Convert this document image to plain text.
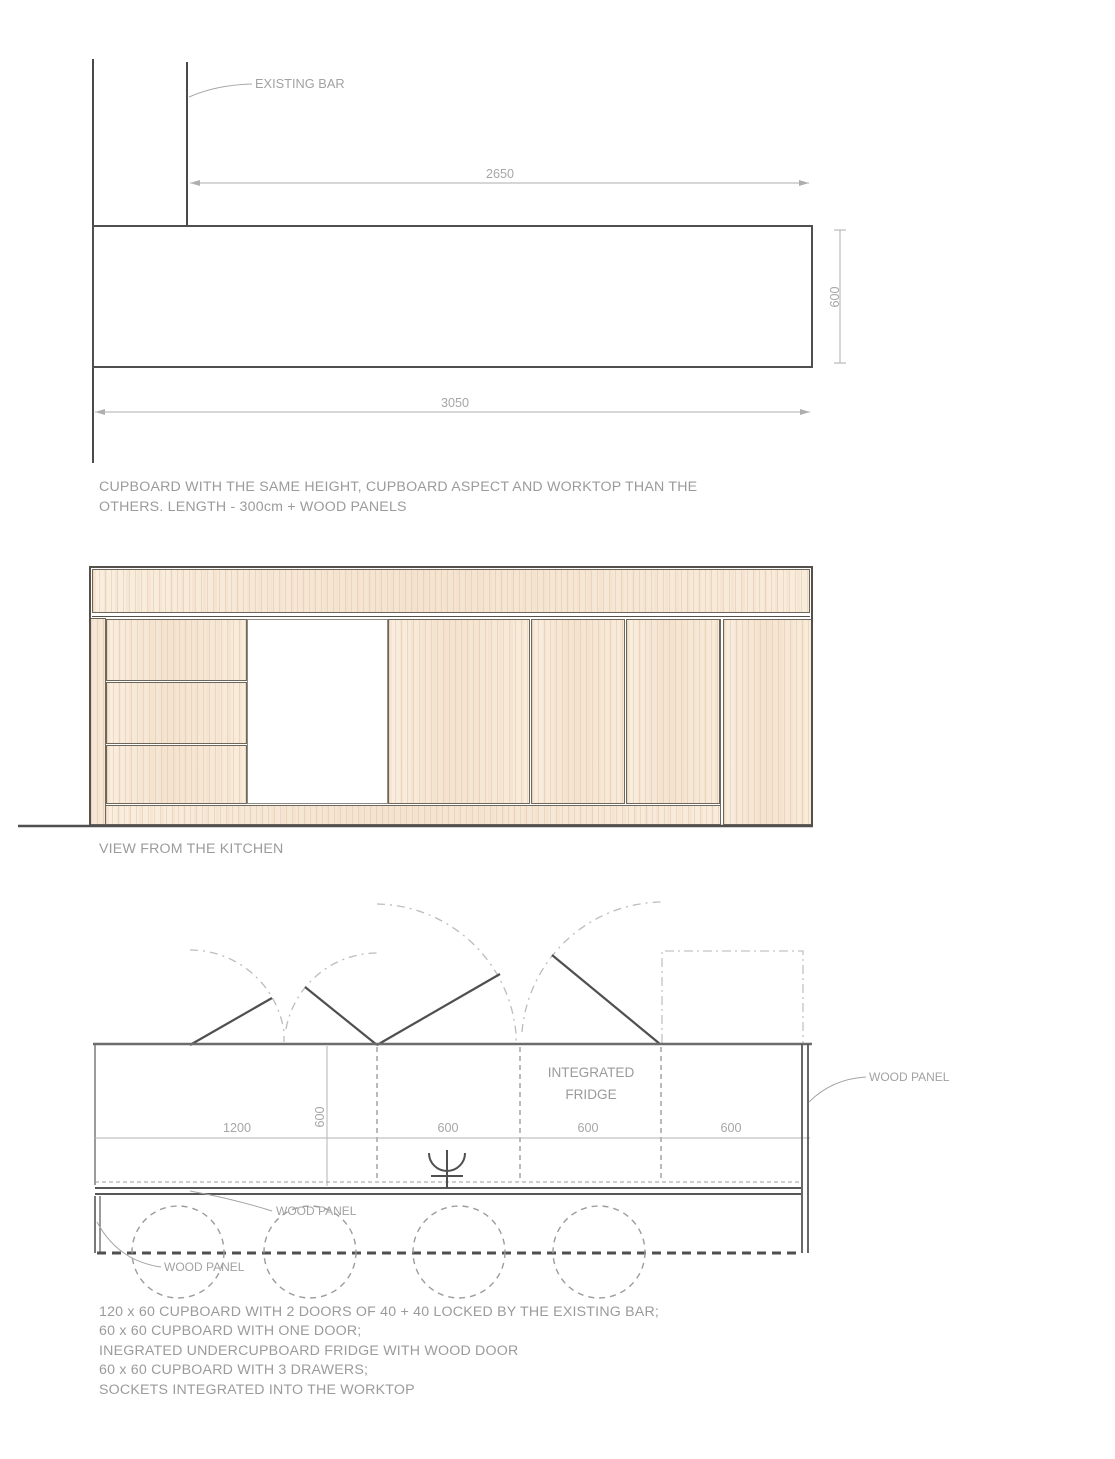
EXISTING BAR
2650
600
3050
CUPBOARD WITH THE SAME HEIGHT, CUPBOARD ASPECT AND WORKTOP THAN THE
OTHERS. LENGTH - 300cm + WOOD PANELS
VIEW FROM THE KITCHEN
INTEGRATED
FRIDGE
1200
600
600	600	600
WOOD PANEL
WOOD PANEL
WOOD PANEL
120 x 60 CUPBOARD WITH 2 DOORS OF 40 + 40 LOCKED BY THE EXISTING BAR;
60 x 60 CUPBOARD WITH ONE DOOR;
INEGRATED UNDERCUPBOARD FRIDGE WITH WOOD DOOR
60 x 60 CUPBOARD WITH 3 DRAWERS;
SOCKETS INTEGRATED INTO THE WORKTOP
